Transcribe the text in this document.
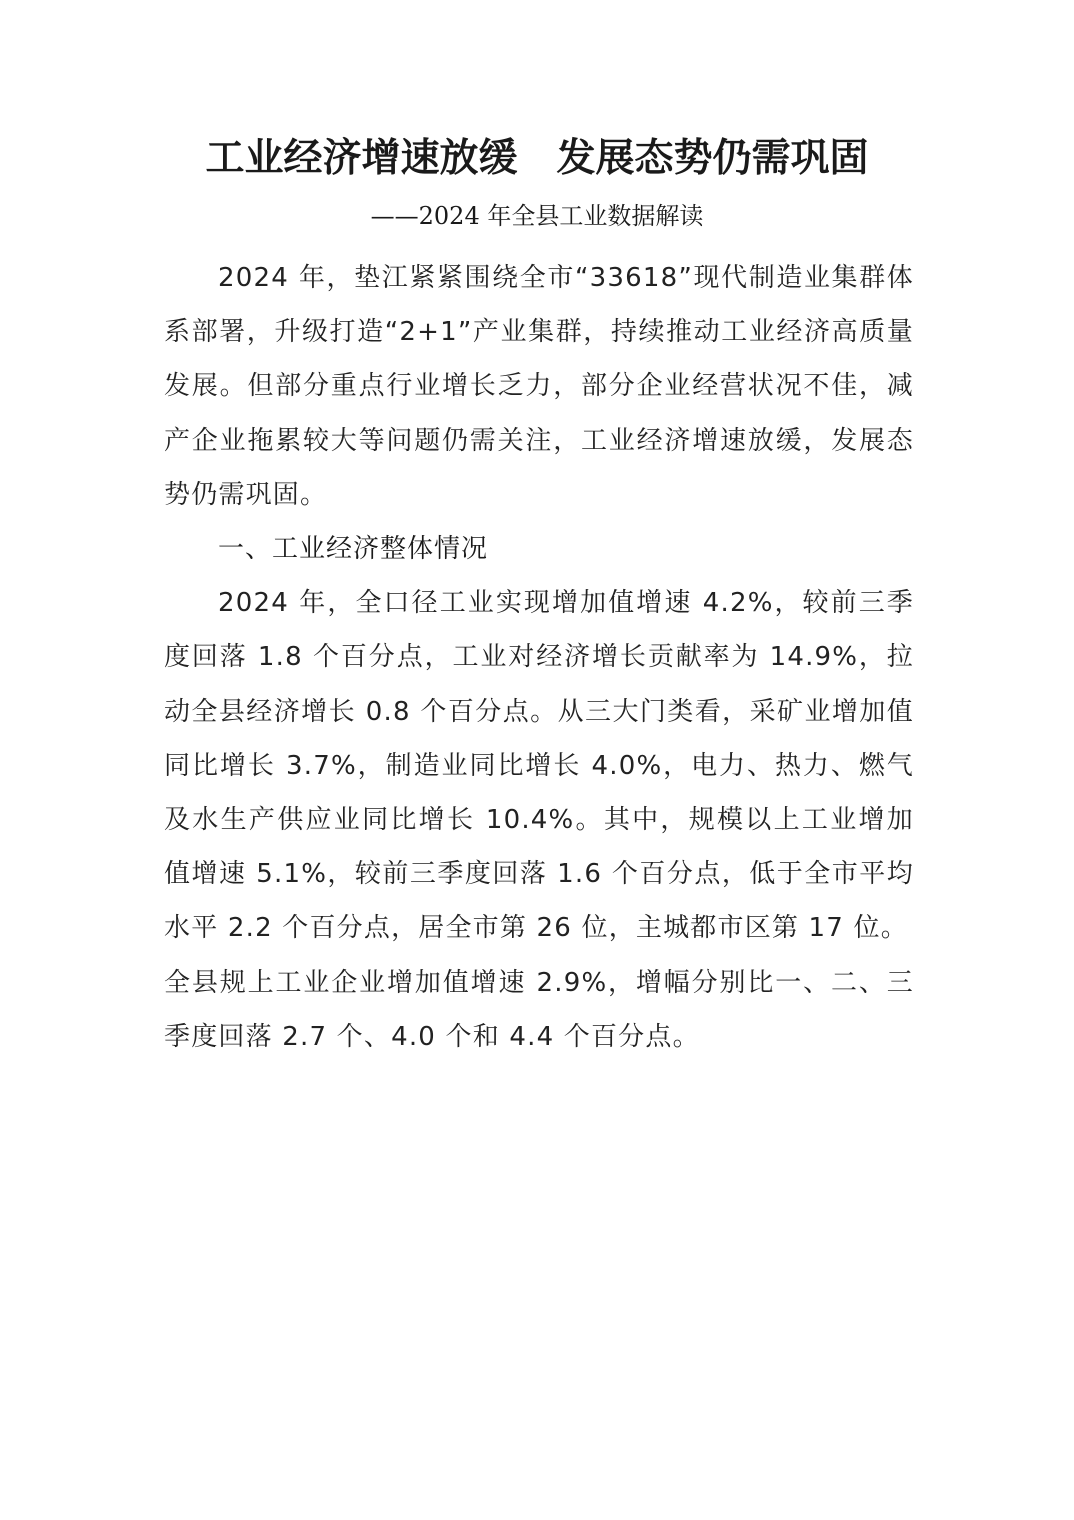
工业经济增速放缓　发展态势仍需巩固
——2024 年全县工业数据解读

2024 年，垫江紧紧围绕全市“33618”现代制造业集群体系部署，升级打造“2+1”产业集群，持续推动工业经济高质量发展。但部分重点行业增长乏力，部分企业经营状况不佳，减产企业拖累较大等问题仍需关注，工业经济增速放缓，发展态势仍需巩固。

一、工业经济整体情况

2024 年，全口径工业实现增加值增速 4.2%，较前三季度回落 1.8 个百分点，工业对经济增长贡献率为 14.9%，拉动全县经济增长 0.8 个百分点。从三大门类看，采矿业增加值同比增长 3.7%，制造业同比增长 4.0%，电力、热力、燃气及水生产供应业同比增长 10.4%。其中，规模以上工业增加值增速 5.1%，较前三季度回落 1.6 个百分点，低于全市平均水平 2.2 个百分点，居全市第 26 位，主城都市区第 17 位。

全县规上工业企业增加值增速 2.9%，增幅分别比一、二、三季度回落 2.7 个、4.0 个和 4.4 个百分点。
